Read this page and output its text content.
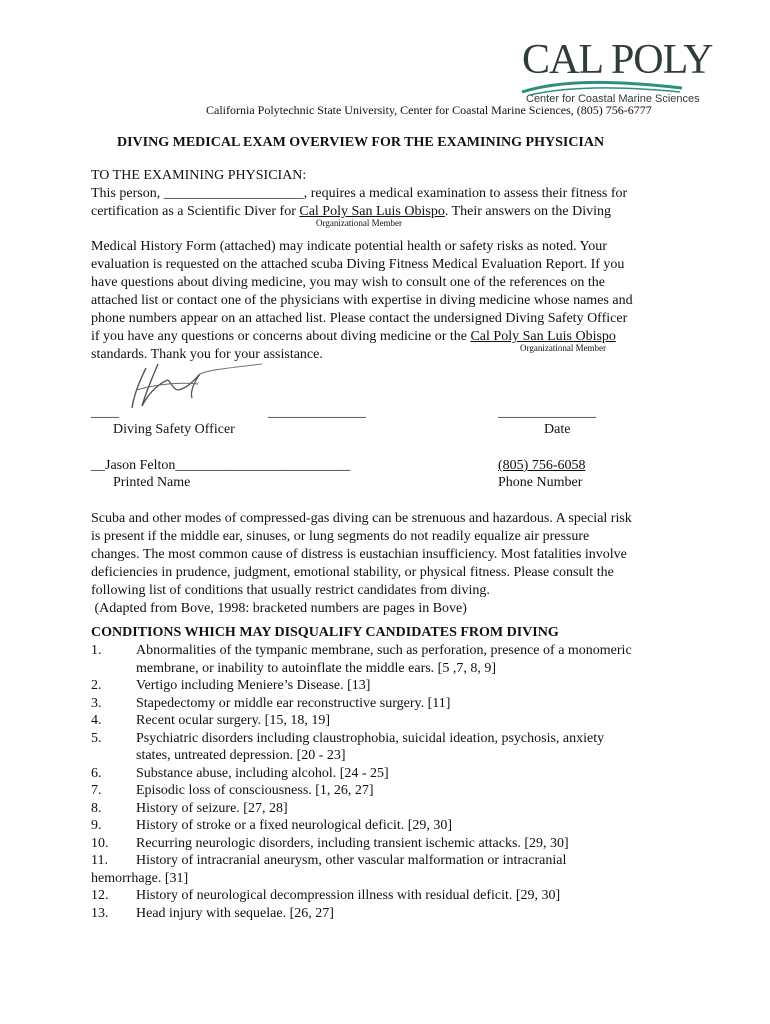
CAL POLY
Center for Coastal Marine Sciences
California Polytechnic State University, Center for Coastal Marine Sciences, (805) 756-6777
DIVING MEDICAL EXAM OVERVIEW FOR THE EXAMINING PHYSICIAN
TO THE EXAMINING PHYSICIAN:
This person, ____________________, requires a medical examination to assess their fitness for
certification as a Scientific Diver for Cal Poly San Luis Obispo. Their answers on the Diving
Organizational Member
Medical History Form (attached) may indicate potential health or safety risks as noted. Your
evaluation is requested on the attached scuba Diving Fitness Medical Evaluation Report. If you
have questions about diving medicine, you may wish to consult one of the references on the
attached list or contact one of the physicians with expertise in diving medicine whose names and
phone numbers appear on an attached list. Please contact the undersigned Diving Safety Officer
if you have any questions or concerns about diving medicine or the Cal Poly San Luis Obispo
standards. Thank you for your assistance.	Organizational Member
____	______________	______________
Diving Safety Officer	Date
__Jason Felton_________________________	(805) 756-6058
Printed Name	Phone Number
Scuba and other modes of compressed-gas diving can be strenuous and hazardous. A special risk
is present if the middle ear, sinuses, or lung segments do not readily equalize air pressure
changes. The most common cause of distress is eustachian insufficiency. Most fatalities involve
deficiencies in prudence, judgment, emotional stability, or physical fitness. Please consult the
following list of conditions that usually restrict candidates from diving.
(Adapted from Bove, 1998: bracketed numbers are pages in Bove)
CONDITIONS WHICH MAY DISQUALIFY CANDIDATES FROM DIVING
1. Abnormalities of the tympanic membrane, such as perforation, presence of a monomeric
membrane, or inability to autoinflate the middle ears. [5 ,7, 8, 9]
2. Vertigo including Meniere’s Disease. [13]
3. Stapedectomy or middle ear reconstructive surgery. [11]
4. Recent ocular surgery. [15, 18, 19]
5. Psychiatric disorders including claustrophobia, suicidal ideation, psychosis, anxiety
states, untreated depression. [20 - 23]
6. Substance abuse, including alcohol. [24 - 25]
7. Episodic loss of consciousness. [1, 26, 27]
8. History of seizure. [27, 28]
9. History of stroke or a fixed neurological deficit. [29, 30]
10. Recurring neurologic disorders, including transient ischemic attacks. [29, 30]
11. History of intracranial aneurysm, other vascular malformation or intracranial
hemorrhage. [31]
12. History of neurological decompression illness with residual deficit. [29, 30]
13. Head injury with sequelae. [26, 27]
